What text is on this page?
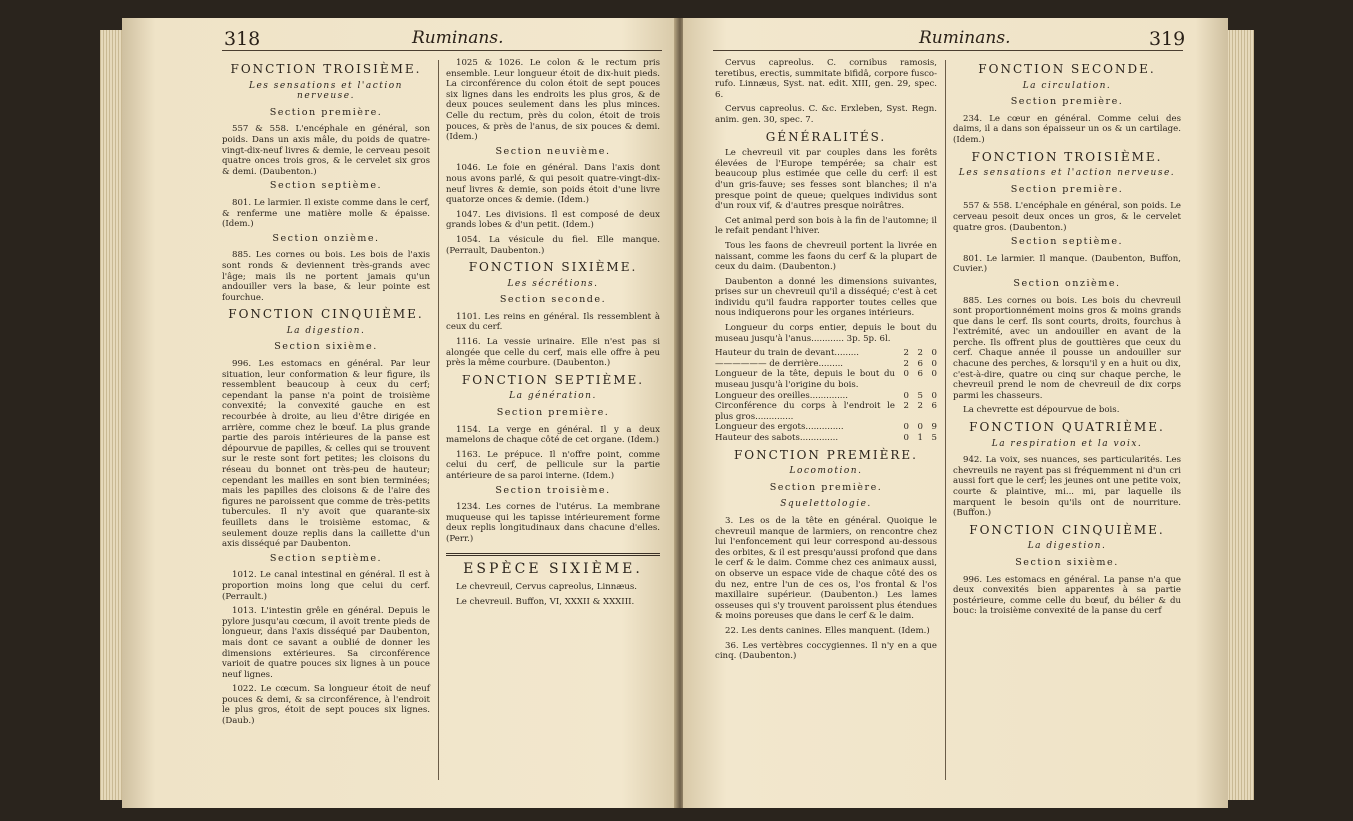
318	Ruminans.
FONCTION TROISIÈME.
Les sensations et l'action nerveuse.
Section première.
557 & 558. L'encéphale en général, son poids. Dans un axis mâle, du poids de quatre-vingt-dix-neuf livres & demie, le cerveau pesoit quatre onces trois gros, & le cervelet six gros & demi. (Daubenton.)
Section septième.
801. Le larmier. Il existe comme dans le cerf, & renferme une matière molle & épaisse. (Idem.)
Section onzième.
885. Les cornes ou bois. Les bois de l'axis sont ronds & deviennent très-grands avec l'âge; mais ils ne portent jamais qu'un andouiller vers la base, & leur pointe est fourchue.
FONCTION CINQUIÈME.
La digestion.
Section sixième.
996. Les estomacs en général. Par leur situation, leur conformation & leur figure, ils ressemblent beaucoup à ceux du cerf; cependant la panse n'a point de troisième convexité; la convexité gauche en est recourbée à droite, au lieu d'être dirigée en arrière, comme chez le bœuf. La plus grande partie des parois intérieures de la panse est dépourvue de papilles, & celles qui se trouvent sur le reste sont fort petites; les cloisons du réseau du bonnet ont très-peu de hauteur; cependant les mailles en sont bien terminées; mais les papilles des cloisons & de l'aire des figures ne paroissent que comme de très-petits tubercules. Il n'y avoit que quarante-six feuillets dans le troisième estomac, & seulement douze replis dans la caillette d'un axis disséqué par Daubenton.
Section septième.
1012. Le canal intestinal en général. Il est à proportion moins long que celui du cerf. (Perrault.)
1013. L'intestin grêle en général. Depuis le pylore jusqu'au cœcum, il avoit trente pieds de longueur, dans l'axis disséqué par Daubenton, mais dont ce savant a oublié de donner les dimensions extérieures. Sa circonférence varioit de quatre pouces six lignes à un pouce neuf lignes.
1022. Le cœcum. Sa longueur étoit de neuf pouces & demi, & sa circonférence, à l'endroit le plus gros, étoit de sept pouces six lignes. (Daub.)
1025 & 1026. Le colon & le rectum pris ensemble. Leur longueur étoit de dix-huit pieds. La circonférence du colon étoit de sept pouces six lignes dans les endroits les plus gros, & de deux pouces seulement dans les plus minces. Celle du rectum, près du colon, étoit de trois pouces, & près de l'anus, de six pouces & demi. (Idem.)
Section neuvième.
1046. Le foie en général. Dans l'axis dont nous avons parlé, & qui pesoit quatre-vingt-dix-neuf livres & demie, son poids étoit d'une livre quatorze onces & demie. (Idem.)
1047. Les divisions. Il est composé de deux grands lobes & d'un petit. (Idem.)
1054. La vésicule du fiel. Elle manque. (Perrault, Daubenton.)
FONCTION SIXIÈME.
Les sécrétions.
Section seconde.
1101. Les reins en général. Ils ressemblent à ceux du cerf.
1116. La vessie urinaire. Elle n'est pas si alongée que celle du cerf, mais elle offre à peu près la même courbure. (Daubenton.)
FONCTION SEPTIÈME.
La génération.
Section première.
1154. La verge en général. Il y a deux mamelons de chaque côté de cet organe. (Idem.)
1163. Le prépuce. Il n'offre point, comme celui du cerf, de pellicule sur la partie antérieure de sa paroi interne. (Idem.)
Section troisième.
1234. Les cornes de l'utérus. La membrane muqueuse qui les tapisse intérieurement forme deux replis longitudinaux dans chacune d'elles. (Perr.)
ESPÈCE SIXIÈME.
Le chevreuil, Cervus capreolus, Linnæus.
Le chevreuil. Buffon, VI, XXXII & XXXIII.
Ruminans.	319
Cervus capreolus. C. cornibus ramosis, teretibus, erectis, summitate bifidâ, corpore fusco-rufo. Linnæus, Syst. nat. edit. XIII, gen. 29, spec. 6.
Cervus capreolus. C. &c. Erxleben, Syst. Regn. anim. gen. 30, spec. 7.
GÉNÉRALITÉS.
Le chevreuil vit par couples dans les forêts élevées de l'Europe tempérée; sa chair est beaucoup plus estimée que celle du cerf: il est d'un gris-fauve; ses fesses sont blanches; il n'a presque point de queue; quelques individus sont d'un roux vif, & d'autres presque noirâtres.
Cet animal perd son bois à la fin de l'automne; il le refait pendant l'hiver.
Tous les faons de chevreuil portent la livrée en naissant, comme les faons du cerf & la plupart de ceux du daim. (Daubenton.)
Daubenton a donné les dimensions suivantes, prises sur un chevreuil qu'il a disséqué; c'est à cet individu qu'il faudra rapporter toutes celles que nous indiquerons pour les organes intérieurs.
Longueur du corps entier, depuis le bout du museau jusqu'à l'anus............ 3p. 5p. 6l.
Hauteur du train de devant.........	2	2	0
—————— de derrière.........	2	6	0
Longueur de la tête, depuis le bout du museau jusqu'à l'origine du bois.	0	6	0
Longueur des oreilles..............	0	5	0
Circonférence du corps à l'endroit le plus gros..............	2	2	6
Longueur des ergots..............	0	0	9
Hauteur des sabots..............	0	1	5
FONCTION PREMIÈRE.
Locomotion.
Section première.
Squelettologie.
3. Les os de la tête en général. Quoique le chevreuil manque de larmiers, on rencontre chez lui l'enfoncement qui leur correspond au-dessous des orbites, & il est presqu'aussi profond que dans le cerf & le daim. Comme chez ces animaux aussi, on observe un espace vide de chaque côté des os du nez, entre l'un de ces os, l'os frontal & l'os maxillaire supérieur. (Daubenton.) Les lames osseuses qui s'y trouvent paroissent plus étendues & moins poreuses que dans le cerf & le daim.
22. Les dents canines. Elles manquent. (Idem.)
36. Les vertèbres coccygiennes. Il n'y en a que cinq. (Daubenton.)
FONCTION SECONDE.
La circulation.
Section première.
234. Le cœur en général. Comme celui des daims, il a dans son épaisseur un os & un cartilage. (Idem.)
FONCTION TROISIÈME.
Les sensations et l'action nerveuse.
Section première.
557 & 558. L'encéphale en général, son poids. Le cerveau pesoit deux onces un gros, & le cervelet quatre gros. (Daubenton.)
Section septième.
801. Le larmier. Il manque. (Daubenton, Buffon, Cuvier.)
Section onzième.
885. Les cornes ou bois. Les bois du chevreuil sont proportionnément moins gros & moins grands que dans le cerf. Ils sont courts, droits, fourchus à l'extrémité, avec un andouiller en avant de la perche. Ils offrent plus de gouttières que ceux du cerf. Chaque année il pousse un andouiller sur chacune des perches, & lorsqu'il y en a huit ou dix, c'est-à-dire, quatre ou cinq sur chaque perche, le chevreuil prend le nom de chevreuil de dix corps parmi les chasseurs.
La chevrette est dépourvue de bois.
FONCTION QUATRIÈME.
La respiration et la voix.
942. La voix, ses nuances, ses particularités. Les chevreuils ne rayent pas si fréquemment ni d'un cri aussi fort que le cerf; les jeunes ont une petite voix, courte & plaintive, mi... mi, par laquelle ils marquent le besoin qu'ils ont de nourriture. (Buffon.)
FONCTION CINQUIÈME.
La digestion.
Section sixième.
996. Les estomacs en général. La panse n'a que deux convexités bien apparentes à sa partie postérieure, comme celle du bœuf, du bélier & du bouc: la troisième convexité de la panse du cerf
